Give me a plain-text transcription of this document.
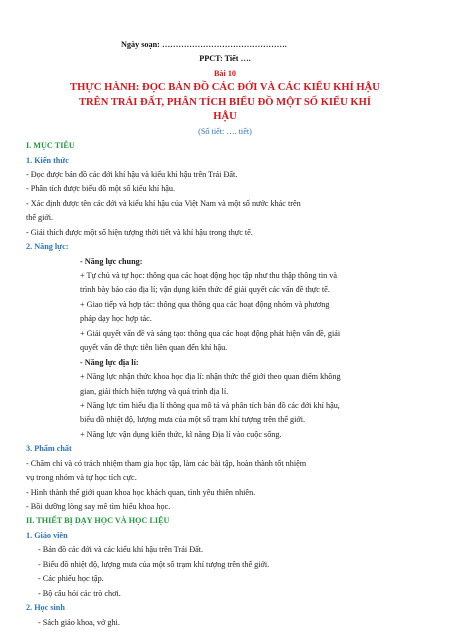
Ngày soạn: ……………………………………….
PPCT: Tiết ….
Bài 10
THỰC HÀNH: ĐỌC BẢN ĐỒ CÁC ĐỚI VÀ CÁC KIỂU KHÍ HẬU
TRÊN TRÁI ĐẤT, PHÂN TÍCH BIỂU ĐỒ MỘT SỐ KIỂU KHÍ
HẬU
(Số tiết: …. tiết)
I. MỤC TIÊU
1. Kiến thức
- Đọc được bản đồ các đới khí hậu và kiểu khí hậu trên Trái Đất.
- Phân tích được biểu đồ một số kiểu khí hậu.
- Xác định được tên các đới và kiểu khí hậu của Việt Nam và một số nước khác trên
thế giới.
- Giải thích được một số hiện tượng thời tiết và khí hậu trong thực tế.
2. Năng lực:
- Năng lực chung:
+ Tự chủ và tự học: thông qua các hoạt động học tập như thu thập thông tin và
trình bày báo cáo địa lí; vận dụng kiến thức để giải quyết các vấn đề thực tế.
+ Giao tiếp và hợp tác: thông qua thông qua các hoạt động nhóm và phương
pháp dạy học hợp tác.
+ Giải quyết vấn đề và sáng tạo: thông qua các hoạt động phát hiện vấn đề, giải
quyết vấn đề thực tiễn liên quan đến khí hậu.
- Năng lực địa lí:
+ Năng lực nhận thức khoa học địa lí: nhận thức thế giới theo quan điểm không
gian, giải thích hiện tượng và quá trình địa lí.
+ Năng lực tìm hiểu địa lí thông qua mô tả và phân tích bản đồ các đới khí hậu,
biểu đồ nhiệt độ, lượng mưa của một số trạm khí tượng trên thế giới.
+ Năng lực vận dụng kiến thức, kĩ năng Địa lí vào cuộc sống.
3. Phẩm chất
- Chăm chỉ và có trách nhiệm tham gia học tập, làm các bài tập, hoàn thành tốt nhiệm
vụ trong nhóm và tự học tích cực.
- Hình thành thế giới quan khoa học khách quan, tình yêu thiên nhiên.
- Bồi dưỡng lòng say mê tìm hiểu khoa học.
II. THIẾT BỊ DẠY HỌC VÀ HỌC LIỆU
1. Giáo viên
- Bản đồ các đới và các kiểu khí hậu trên Trái Đất.
- Biểu đồ nhiệt độ, lượng mưa của một số trạm khí tượng trên thế giới.
- Các phiếu học tập.
- Bộ câu hỏi các trò chơi.
2. Học sinh
- Sách giáo khoa, vở ghi.
